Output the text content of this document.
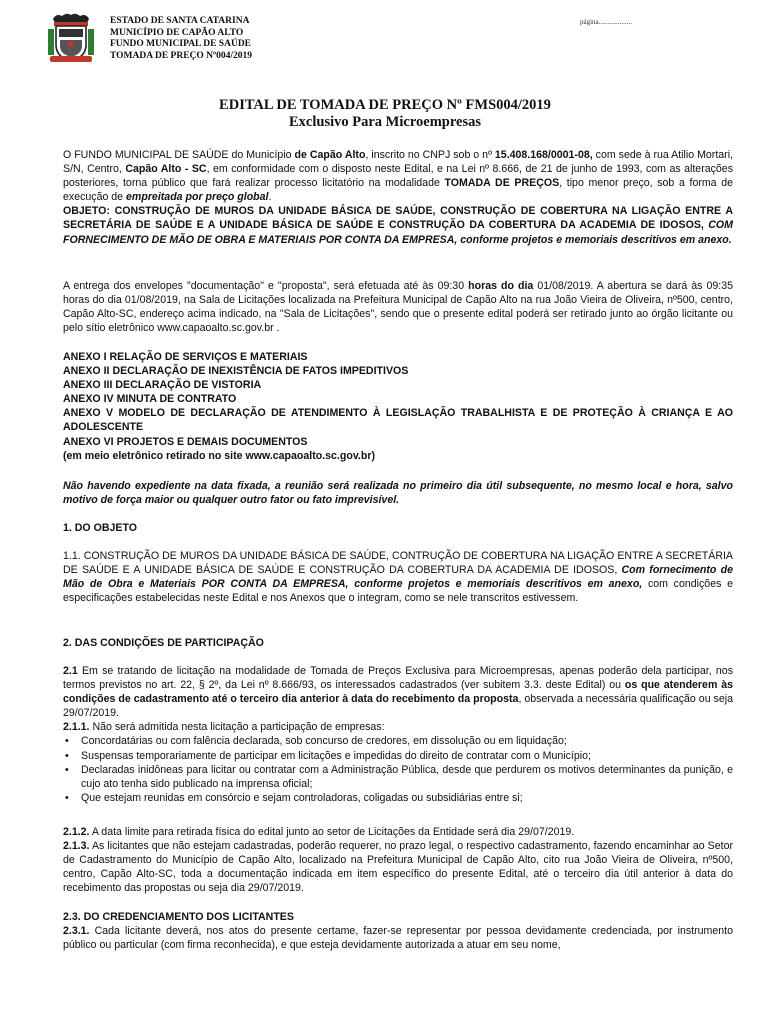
ESTADO DE SANTA CATARINA
MUNICÍPIO DE CAPÃO ALTO
FUNDO MUNICIPAL DE SAÚDE
TOMADA DE PREÇO Nº004/2019
página...................
EDITAL DE TOMADA DE PREÇO Nº FMS004/2019
Exclusivo Para Microempresas

O FUNDO MUNICIPAL DE SAÚDE do Município de Capão Alto, inscrito no CNPJ sob o nº 15.408.168/0001-08, com sede à rua Atilio Mortari, S/N, Centro, Capão Alto - SC, em conformidade com o disposto neste Edital, e na Lei nº 8.666, de 21 de junho de 1993, com as alterações posteriores, torna público que fará realizar processo licitatório na modalidade TOMADA DE PREÇOS, tipo menor preço, sob a forma de execução de empreitada por preço global.

OBJETO: CONSTRUÇÃO DE MUROS DA UNIDADE BÁSICA DE SAÚDE, CONSTRUÇÃO DE COBERTURA NA LIGAÇÃO ENTRE A SECRETÁRIA DE SAÚDE E A UNIDADE BÁSICA DE SAÚDE E CONSTRUÇÃO DA COBERTURA DA ACADEMIA DE IDOSOS, COM FORNECIMENTO DE MÃO DE OBRA E MATERIAIS POR CONTA DA EMPRESA, conforme projetos e memoriais descritivos em anexo.

A entrega dos envelopes "documentação" e "proposta", será efetuada até às 09:30 horas do dia 01/08/2019. A abertura se dará às 09:35 horas do dia 01/08/2019, na Sala de Licitações localizada na Prefeitura Municipal de Capão Alto na rua João Vieira de Oliveira, nº500, centro, Capão Alto-SC, endereço acima indicado, na "Sala de Licitações", sendo que o presente edital poderá ser retirado junto ao órgão licitante ou pelo sítio eletrônico www.capaoalto.sc.gov.br .

ANEXO I RELAÇÃO DE SERVIÇOS E MATERIAIS
ANEXO II DECLARAÇÃO DE INEXISTÊNCIA DE FATOS IMPEDITIVOS
ANEXO III DECLARAÇÃO DE VISTORIA
ANEXO IV MINUTA DE CONTRATO
ANEXO V MODELO DE DECLARAÇÃO DE ATENDIMENTO À LEGISLAÇÃO TRABALHISTA E DE PROTEÇÃO À CRIANÇA E AO ADOLESCENTE
ANEXO VI PROJETOS E DEMAIS DOCUMENTOS
(em meio eletrônico retirado no site www.capaoalto.sc.gov.br)

Não havendo expediente na data fixada, a reunião será realizada no primeiro dia útil subsequente, no mesmo local e hora, salvo motivo de força maior ou qualquer outro fator ou fato imprevisível.

1. DO OBJETO

1.1. CONSTRUÇÃO DE MUROS DA UNIDADE BÁSICA DE SAÚDE, CONTRUÇÃO DE COBERTURA NA LIGAÇÃO ENTRE A SECRETÁRIA DE SAÚDE E A UNIDADE BÁSICA DE SAÚDE E CONSTRUÇÃO DA COBERTURA DA ACADEMIA DE IDOSOS, Com fornecimento de Mão de Obra e Materiais POR CONTA DA EMPRESA, conforme projetos e memoriais descritivos em anexo, com condições e especificações estabelecidas neste Edital e nos Anexos que o integram, como se nele transcritos estivessem.

2. DAS CONDIÇÕES DE PARTICIPAÇÃO

2.1 Em se tratando de licitação na modalidade de Tomada de Preços Exclusiva para Microempresas, apenas poderão dela participar, nos termos previstos no art. 22, § 2º, da Lei nº 8.666/93, os interessados cadastrados (ver subitem 3.3. deste Edital) ou os que atenderem às condições de cadastramento até o terceiro dia anterior à data do recebimento da proposta, observada a necessária qualificação ou seja 29/07/2019.

2.1.1. Não será admitida nesta licitação a participação de empresas:

• Concordatárias ou com falência declarada, sob concurso de credores, em dissolução ou em liquidação;
• Suspensas temporariamente de participar em licitações e impedidas do direito de contratar com o Município;
• Declaradas inidôneas para licitar ou contratar com a Administração Pública, desde que perdurem os motivos determinantes da punição, e cujo ato tenha sido publicado na imprensa oficial;
• Que estejam reunidas em consórcio e sejam controladoras, coligadas ou subsidiárias entre si;

2.1.2. A data limite para retirada física do edital junto ao setor de Licitações da Entidade será dia 29/07/2019.

2.1.3. As licitantes que não estejam cadastradas, poderão requerer, no prazo legal, o respectivo cadastramento, fazendo encaminhar ao Setor de Cadastramento do Município de Capão Alto, localizado na Prefeitura Municipal de Capão Alto, cito rua João Vieira de Oliveira, nº500, centro, Capão Alto-SC, toda a documentação indicada em item específico do presente Edital, até o terceiro dia útil anterior à data do recebimento das propostas ou seja dia 29/07/2019.

2.3. DO CREDENCIAMENTO DOS LICITANTES

2.3.1. Cada licitante deverá, nos atos do presente certame, fazer-se representar por pessoa devidamente credenciada, por instrumento público ou particular (com firma reconhecida), e que esteja devidamente autorizada a atuar em seu nome,
